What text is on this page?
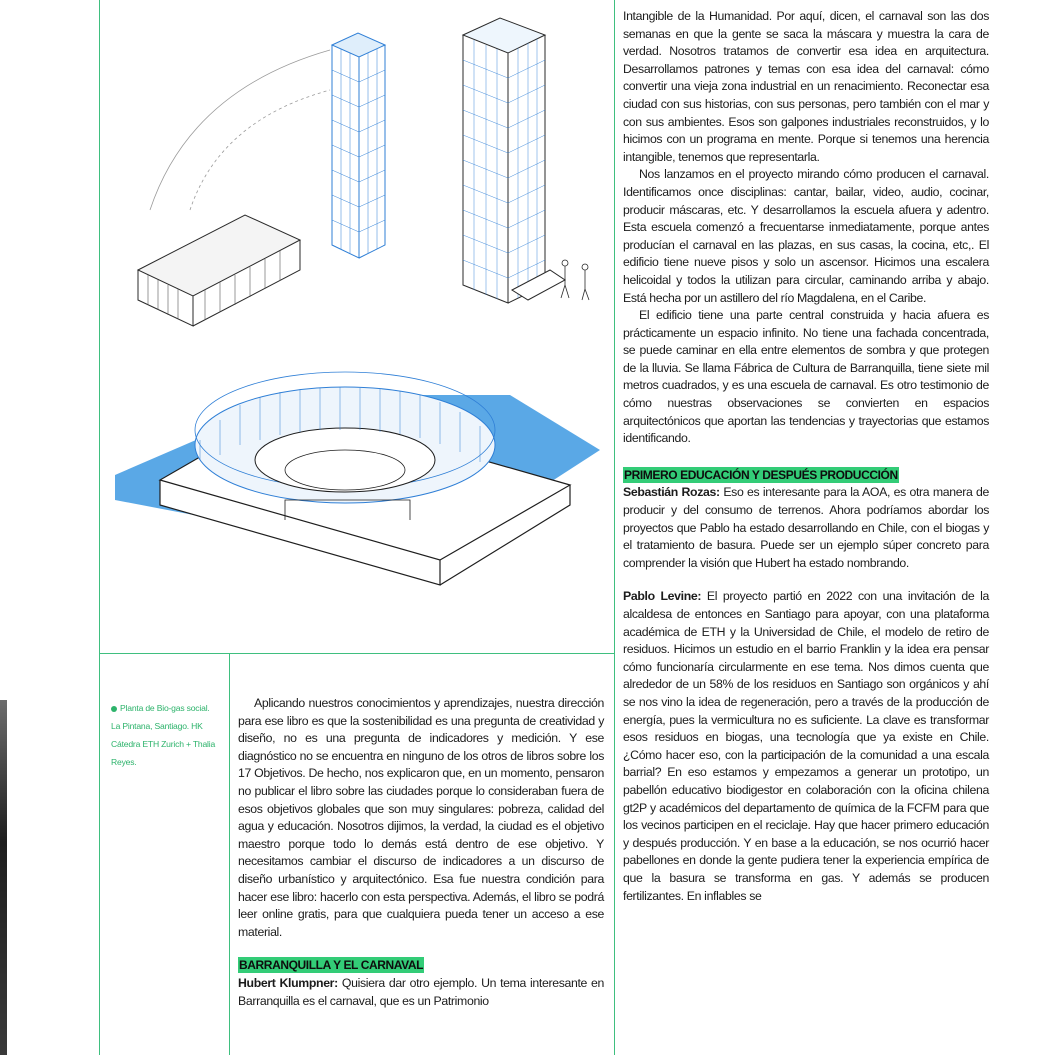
Planta de Bio-gas social. La Pintana, Santiago. HK Cátedra ETH Zurich + Thalia Reyes.

Intangible de la Humanidad. Por aquí, dicen, el carnaval son las dos semanas en que la gente se saca la máscara y muestra la cara de verdad. Nosotros tratamos de convertir esa idea en arquitectura. Desarrollamos patrones y temas con esa idea del carnaval: cómo convertir una vieja zona industrial en un renacimiento. Reconectar esa ciudad con sus historias, con sus personas, pero también con el mar y con sus ambientes. Esos son galpones industriales reconstruidos, y lo hicimos con un programa en mente. Porque si tenemos una herencia intangible, tenemos que representarla.

Nos lanzamos en el proyecto mirando cómo producen el carnaval. Identificamos once disciplinas: cantar, bailar, video, audio, cocinar, producir máscaras, etc. Y desarrollamos la escuela afuera y adentro. Esta escuela comenzó a frecuentarse inmediatamente, porque antes producían el carnaval en las plazas, en sus casas, la cocina, etc,. El edificio tiene nueve pisos y solo un ascensor. Hicimos una escalera helicoidal y todos la utilizan para circular, caminando arriba y abajo. Está hecha por un astillero del río Magdalena, en el Caribe.

El edificio tiene una parte central construida y hacia afuera es prácticamente un espacio infinito. No tiene una fachada concentrada, se puede caminar en ella entre elementos de sombra y que protegen de la lluvia. Se llama Fábrica de Cultura de Barranquilla, tiene siete mil metros cuadrados, y es una escuela de carnaval. Es otro testimonio de cómo nuestras observaciones se convierten en espacios arquitectónicos que aportan las tendencias y trayectorias que estamos identificando.

PRIMERO EDUCACIÓN Y DESPUÉS PRODUCCIÓN

Sebastián Rozas: Eso es interesante para la AOA, es otra manera de producir y del consumo de terrenos. Ahora podríamos abordar los proyectos que Pablo ha estado desarrollando en Chile, con el biogas y el tratamiento de basura. Puede ser un ejemplo súper concreto para comprender la visión que Hubert ha estado nombrando.

Pablo Levine: El proyecto partió en 2022 con una invitación de la alcaldesa de entonces en Santiago para apoyar, con una plataforma académica de ETH y la Universidad de Chile, el modelo de retiro de residuos. Hicimos un estudio en el barrio Franklin y la idea era pensar cómo funcionaría circularmente en ese tema. Nos dimos cuenta que alrededor de un 58% de los residuos en Santiago son orgánicos y ahí se nos vino la idea de regeneración, pero a través de la producción de energía, pues la vermicultura no es suficiente. La clave es transformar esos residuos en biogas, una tecnología que ya existe en Chile. ¿Cómo hacer eso, con la participación de la comunidad a una escala barrial? En eso estamos y empezamos a generar un prototipo, un pabellón educativo biodigestor en colaboración con la oficina chilena gt2P y académicos del departamento de química de la FCFM para que los vecinos participen en el reciclaje. Hay que hacer primero educación y después producción. Y en base a la educación, se nos ocurrió hacer pabellones en donde la gente pudiera tener la experiencia empírica de que la basura se transforma en gas. Y además se producen fertilizantes. En inflables se

Aplicando nuestros conocimientos y aprendizajes, nuestra dirección para ese libro es que la sostenibilidad es una pregunta de creatividad y diseño, no es una pregunta de indicadores y medición. Y ese diagnóstico no se encuentra en ninguno de los otros de libros sobre los 17 Objetivos. De hecho, nos explicaron que, en un momento, pensaron no publicar el libro sobre las ciudades porque lo consideraban fuera de esos objetivos globales que son muy singulares: pobreza, calidad del agua y educación. Nosotros dijimos, la verdad, la ciudad es el objetivo maestro porque todo lo demás está dentro de ese objetivo. Y necesitamos cambiar el discurso de indicadores a un discurso de diseño urbanístico y arquitectónico. Esa fue nuestra condición para hacer ese libro: hacerlo con esta perspectiva. Además, el libro se podrá leer online gratis, para que cualquiera pueda tener un acceso a ese material.

BARRANQUILLA Y EL CARNAVAL

Hubert Klumpner: Quisiera dar otro ejemplo. Un tema interesante en Barranquilla es el carnaval, que es un Patrimonio
